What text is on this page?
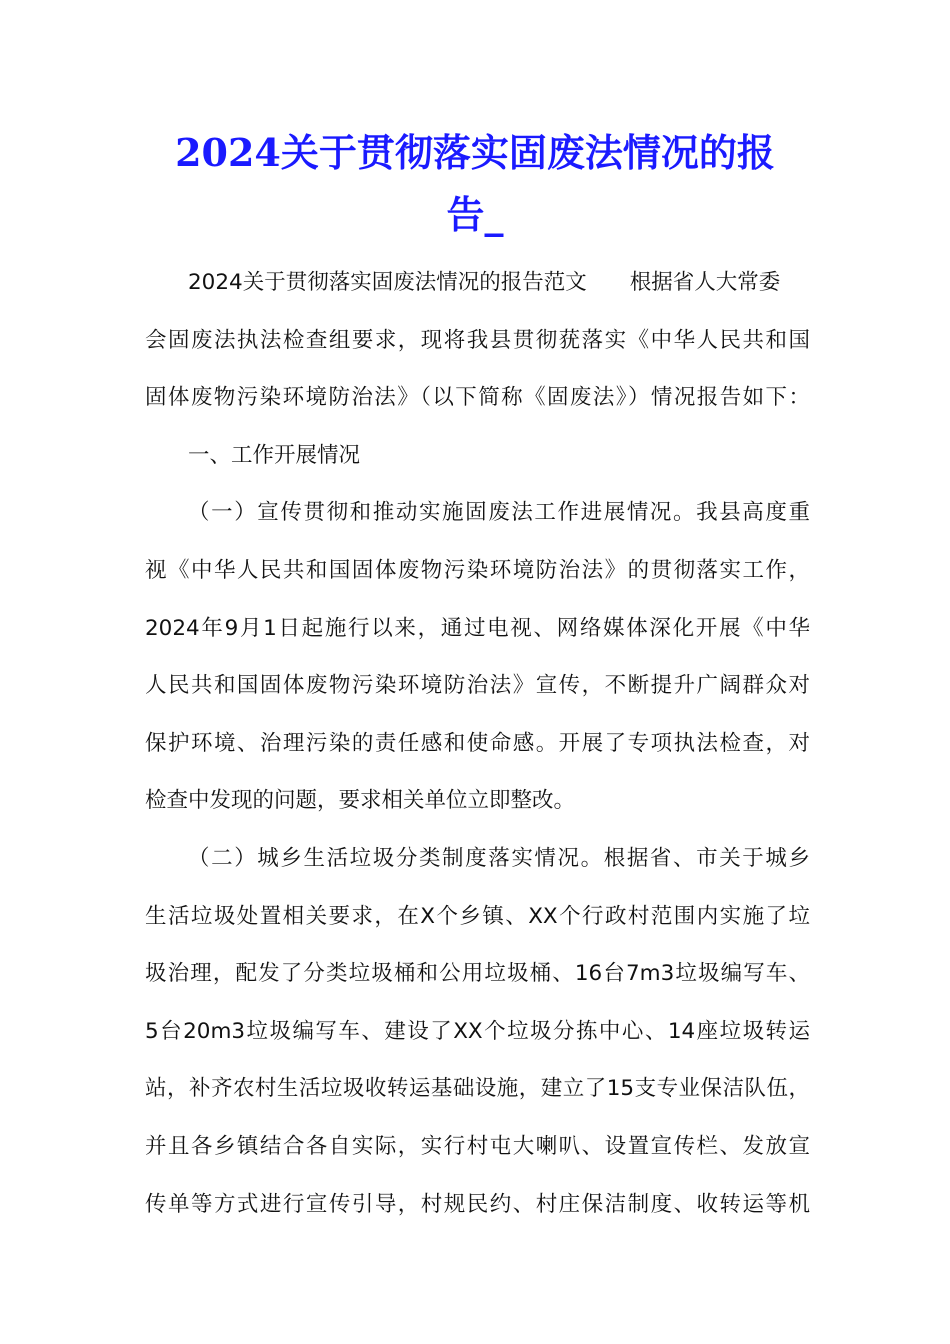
2024关于贯彻落实固废法情况的报
告_
2024关于贯彻落实固废法情况的报告范文 根据省人大常委
会固废法执法检查组要求，现将我县贯彻莸落实《中华人民共和国
固体废物污染环境防治法》（以下简称《固废法》）情况报告如下：
一、工作开展情况
（一）宣传贯彻和推动实施固废法工作进展情况。我县高度重
视《中华人民共和国固体废物污染环境防治法》的贯彻落实工作，
2024年9月1日起施行以来，通过电视、网络媒体深化开展《中华
人民共和国固体废物污染环境防治法》宣传，不断提升广阔群众对
保护环境、治理污染的责任感和使命感。开展了专项执法检查，对
检查中发现的问题，要求相关单位立即整改。
（二）城乡生活垃圾分类制度落实情况。根据省、市关于城乡
生活垃圾处置相关要求，在X个乡镇、XX个行政村范围内实施了垃
圾治理，配发了分类垃圾桶和公用垃圾桶、16台7m3垃圾编写车、
5台20m3垃圾编写车、建设了XX个垃圾分拣中心、14座垃圾转运
站，补齐农村生活垃圾收转运基础设施，建立了15支专业保洁队伍，
并且各乡镇结合各自实际，实行村屯大喇叭、设置宣传栏、发放宣
传单等方式进行宣传引导，村规民约、村庄保洁制度、收转运等机
